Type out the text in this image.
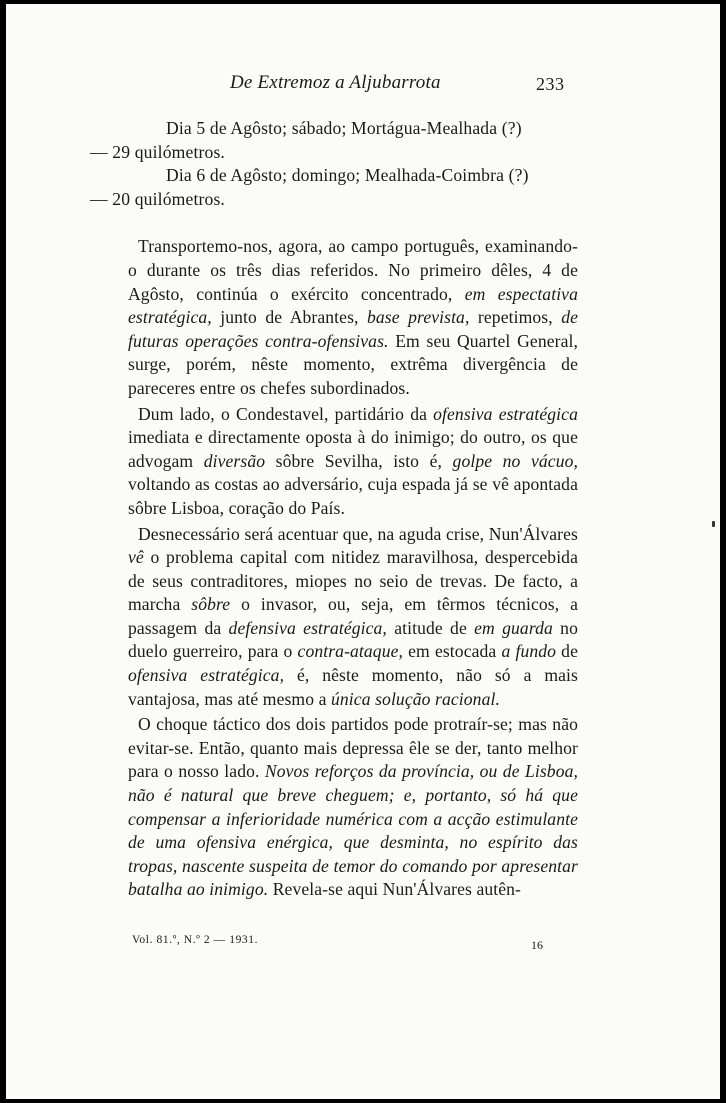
De Extremoz a Aljubarrota	233

Dia 5 de Agôsto; sábado; Mortágua-Mealhada (?)
— 29 quilómetros.

Dia 6 de Agôsto; domingo; Mealhada-Coimbra (?)
— 20 quilómetros.

Transportemo-nos, agora, ao campo português, examinando-o durante os três dias referidos. No primeiro dêles, 4 de Agôsto, continúa o exército concentrado, em espectativa estratégica, junto de Abrantes, base prevista, repetimos, de futuras operações contra-ofensivas. Em seu Quartel General, surge, porém, nêste momento, extrêma divergência de pareceres entre os chefes subordinados.

Dum lado, o Condestavel, partidário da ofensiva estratégica imediata e directamente oposta à do inimigo; do outro, os que advogam diversão sôbre Sevilha, isto é, golpe no vácuo, voltando as costas ao adversário, cuja espada já se vê apontada sôbre Lisboa, coração do País.

Desnecessário será acentuar que, na aguda crise, Nun'Álvares vê o problema capital com nitidez maravilhosa, despercebida de seus contraditores, miopes no seio de trevas. De facto, a marcha sôbre o invasor, ou, seja, em têrmos técnicos, a passagem da defensiva estratégica, atitude de em guarda no duelo guerreiro, para o contra-ataque, em estocada a fundo de ofensiva estratégica, é, nêste momento, não só a mais vantajosa, mas até mesmo a única solução racional.

O choque táctico dos dois partidos pode protraír-se; mas não evitar-se. Então, quanto mais depressa êle se der, tanto melhor para o nosso lado. Novos reforços da província, ou de Lisboa, não é natural que breve cheguem; e, portanto, só há que compensar a inferioridade numérica com a acção estimulante de uma ofensiva enérgica, que desminta, no espírito das tropas, nascente suspeita de temor do comando por apresentar batalha ao inimigo. Revela-se aqui Nun'Álvares autên-

Vol. 81.º, N.º 2 — 1931.	16
